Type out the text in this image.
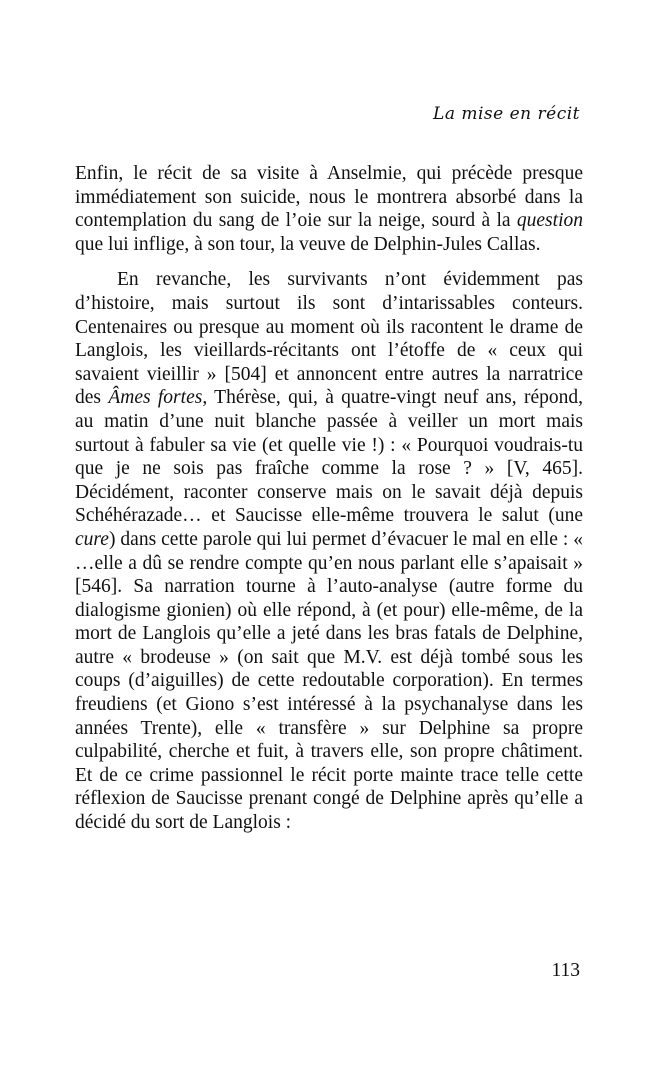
La mise en récit

Enfin, le récit de sa visite à Anselmie, qui précède presque immédiatement son suicide, nous le montrera absorbé dans la contemplation du sang de l’oie sur la neige, sourd à la question que lui inflige, à son tour, la veuve de Delphin-Jules Callas.

En revanche, les survivants n’ont évidemment pas d’histoire, mais surtout ils sont d’intarissables conteurs. Centenaires ou presque au moment où ils racontent le drame de Langlois, les vieillards-récitants ont l’étoffe de « ceux qui savaient vieillir » [504] et annoncent entre autres la narratrice des Âmes fortes, Thérèse, qui, à quatre-vingt neuf ans, répond, au matin d’une nuit blanche passée à veiller un mort mais surtout à fabuler sa vie (et quelle vie !) : « Pourquoi voudrais-tu que je ne sois pas fraîche comme la rose ? » [V, 465]. Décidément, raconter conserve mais on le savait déjà depuis Schéhérazade… et Saucisse elle-même trouvera le salut (une cure) dans cette parole qui lui permet d’évacuer le mal en elle : « …elle a dû se rendre compte qu’en nous parlant elle s’apaisait » [546]. Sa narration tourne à l’auto-analyse (autre forme du dialogisme gionien) où elle répond, à (et pour) elle-même, de la mort de Langlois qu’elle a jeté dans les bras fatals de Delphine, autre « brodeuse » (on sait que M.V. est déjà tombé sous les coups (d’aiguilles) de cette redoutable corporation). En termes freudiens (et Giono s’est intéressé à la psychanalyse dans les années Trente), elle « transfère » sur Delphine sa propre culpabilité, cherche et fuit, à travers elle, son propre châtiment. Et de ce crime passionnel le récit porte mainte trace telle cette réflexion de Saucisse prenant congé de Delphine après qu’elle a décidé du sort de Langlois :

113
